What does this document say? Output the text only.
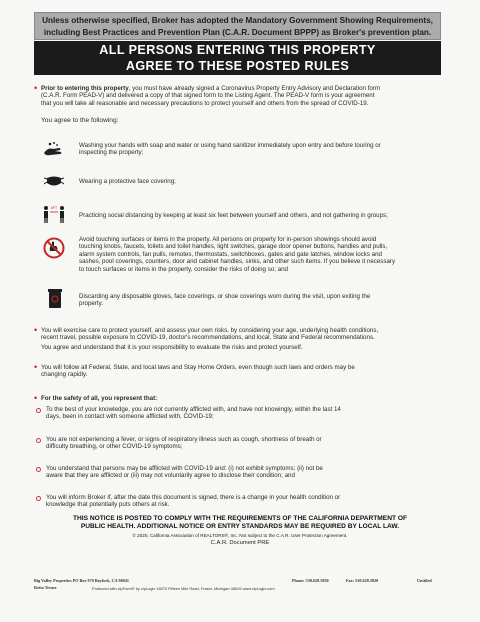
Unless otherwise specified, Broker has adopted the Mandatory Government Showing Requirements,
including Best Practices and Prevention Plan (C.A.R. Document BPPP) as Broker's prevention plan.
ALL PERSONS ENTERING THIS PROPERTY
AGREE TO THESE POSTED RULES
• Prior to entering this property, you must have already signed a Coronavirus Property Entry Advisory and Declaration form
(C.A.R. Form PEAD-V) and delivered a copy of that signed form to the Listing Agent. The PEAD-V form is your agreement
that you will take all reasonable and necessary precautions to protect yourself and others from the spread of COVID-19.
You agree to the following:
Washing your hands with soap and water or using hand sanitizer immediately upon entry and before touring or
inspecting the property;
Wearing a protective face covering;
6FT
Practicing social distancing by keeping at least six feet between yourself and others, and not gathering in groups;
Avoid touching surfaces or items in the property. All persons on property for in-person showings should avoid
touching knobs, faucets, toilets and toilet handles, light switches, garage door opener buttons, handles and pulls,
alarm system controls, fan pulls, remotes, thermostats, switchboxes, gates and gate latches, window locks and
sashes, pool coverings, counters, door and cabinet handles, sinks, and other such items. If you believe it necessary
to touch surfaces or items in the property, consider the risks of doing so; and
Discarding any disposable gloves, face coverings, or shoe coverings worn during the visit, upon exiting the
property.
• You will exercise care to protect yourself, and assess your own risks, by considering your age, underlying health conditions,
recent travel, possible exposure to COVID-19, doctor's recommendations, and local, State and Federal recommendations.
You agree and understand that it is your responsibility to evaluate the risks and protect yourself.
• You will follow all Federal, State, and local laws and Stay Home Orders, even though such laws and orders may be
changing rapidly.
• For the safety of all, you represent that:
To the best of your knowledge, you are not currently afflicted with, and have not knowingly, within the last 14
days, been in contact with someone afflicted with, COVID-19;
You are not experiencing a fever, or signs of respiratory illness such as cough, shortness of breath or
difficulty breathing, or other COVID-19 symptoms;
You understand that persons may be afflicted with COVID-19 and: (i) not exhibit symptoms; (ii) not be
aware that they are afflicted or (iii) may not voluntarily agree to disclose their condition; and
You will inform Broker if, after the date this document is signed, there is a change in your health condition or
knowledge that potentially puts others at risk.
THIS NOTICE IS POSTED TO COMPLY WITH THE REQUIREMENTS OF THE CALIFORNIA DEPARTMENT OF
PUBLIC HEALTH. ADDITIONAL NOTICE OR ENTRY STANDARDS MAY BE REQUIRED BY LOCAL LAW.
© 2020, California Association of REALTORS®, Inc. Not subject to the C.A.R. User Protection Agreement.
C.A.R. Document PRE
Big Valley Properties PO Box 970 Bayfork, CA 96041
Retta Trease
Phone: 530.628.5850	Fax: 530.628.5820	Untitled
Produced with zipForm® by zipLogix 18070 Fifteen Mile Road, Fraser, Michigan 48026 www.zipLogix.com
